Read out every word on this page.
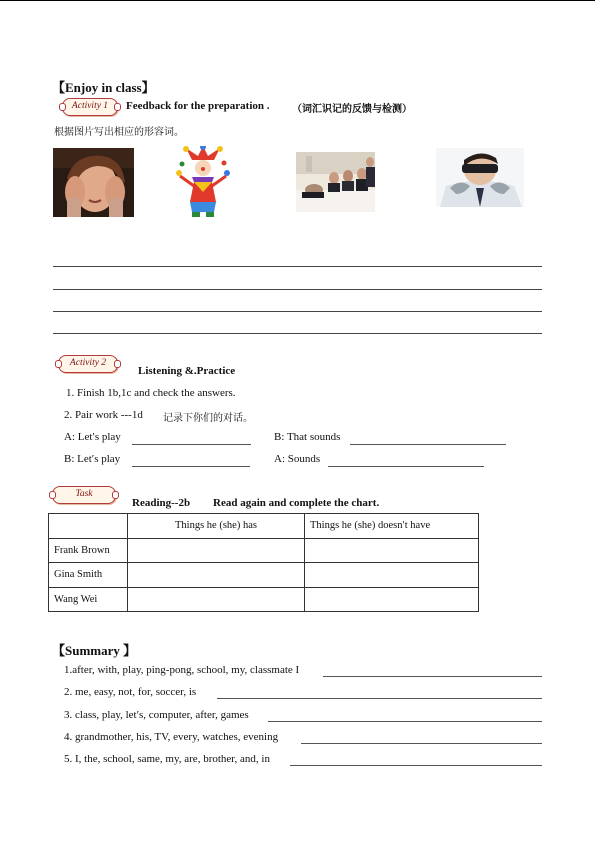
【Enjoy in class】
Activity 1	Feedback for the preparation . （词汇识记的反馈与检测）
根据图片写出相应的形容词。
Activity 2
Listening &.Practice
1. Finish 1b,1c and check the answers.
2. Pair work ---1d 记录下你们的对话。
A: Let′s play	B: That sounds
B: Let′s play	A: Sounds
Task
Reading--2b Read again and complete the chart.
	Things he (she) has	Things he (she) doesn′t have
Frank Brown		
Gina Smith		
Wang Wei		
【Summary 】
1.after, with, play, ping-pong, school, my, classmate I
2. me, easy, not, for, soccer, is
3. class, play, let′s, computer, after, games
4. grandmother, his, TV, every, watches, evening
5. I, the, school, same, my, are, brother, and, in
